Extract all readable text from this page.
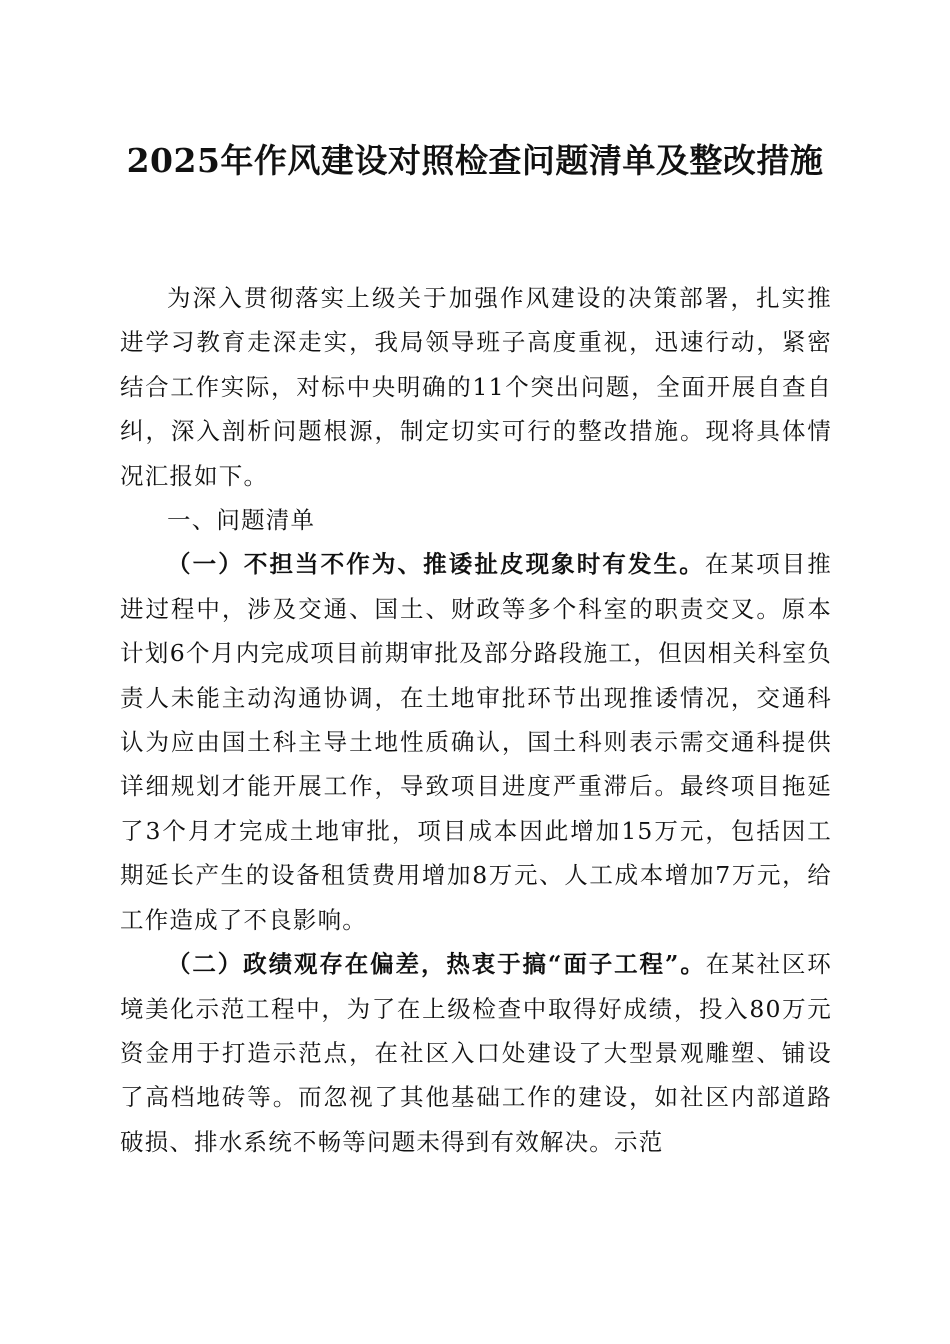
2025年作风建设对照检查问题清单及整改措施

为深入贯彻落实上级关于加强作风建设的决策部署，扎实推进学习教育走深走实，我局领导班子高度重视，迅速行动，紧密结合工作实际，对标中央明确的11个突出问题，全面开展自查自纠，深入剖析问题根源，制定切实可行的整改措施。现将具体情况汇报如下。

一、问题清单

（一）不担当不作为、推诿扯皮现象时有发生。在某项目推进过程中，涉及交通、国土、财政等多个科室的职责交叉。原本计划6个月内完成项目前期审批及部分路段施工，但因相关科室负责人未能主动沟通协调，在土地审批环节出现推诿情况，交通科认为应由国土科主导土地性质确认，国土科则表示需交通科提供详细规划才能开展工作，导致项目进度严重滞后。最终项目拖延了3个月才完成土地审批，项目成本因此增加15万元，包括因工期延长产生的设备租赁费用增加8万元、人工成本增加7万元，给工作造成了不良影响。

（二）政绩观存在偏差，热衷于搞“面子工程”。在某社区环境美化示范工程中，为了在上级检查中取得好成绩，投入80万元资金用于打造示范点，在社区入口处建设了大型景观雕塑、铺设了高档地砖等。而忽视了其他基础工作的建设，如社区内部道路破损、排水系统不畅等问题未得到有效解决。示范
